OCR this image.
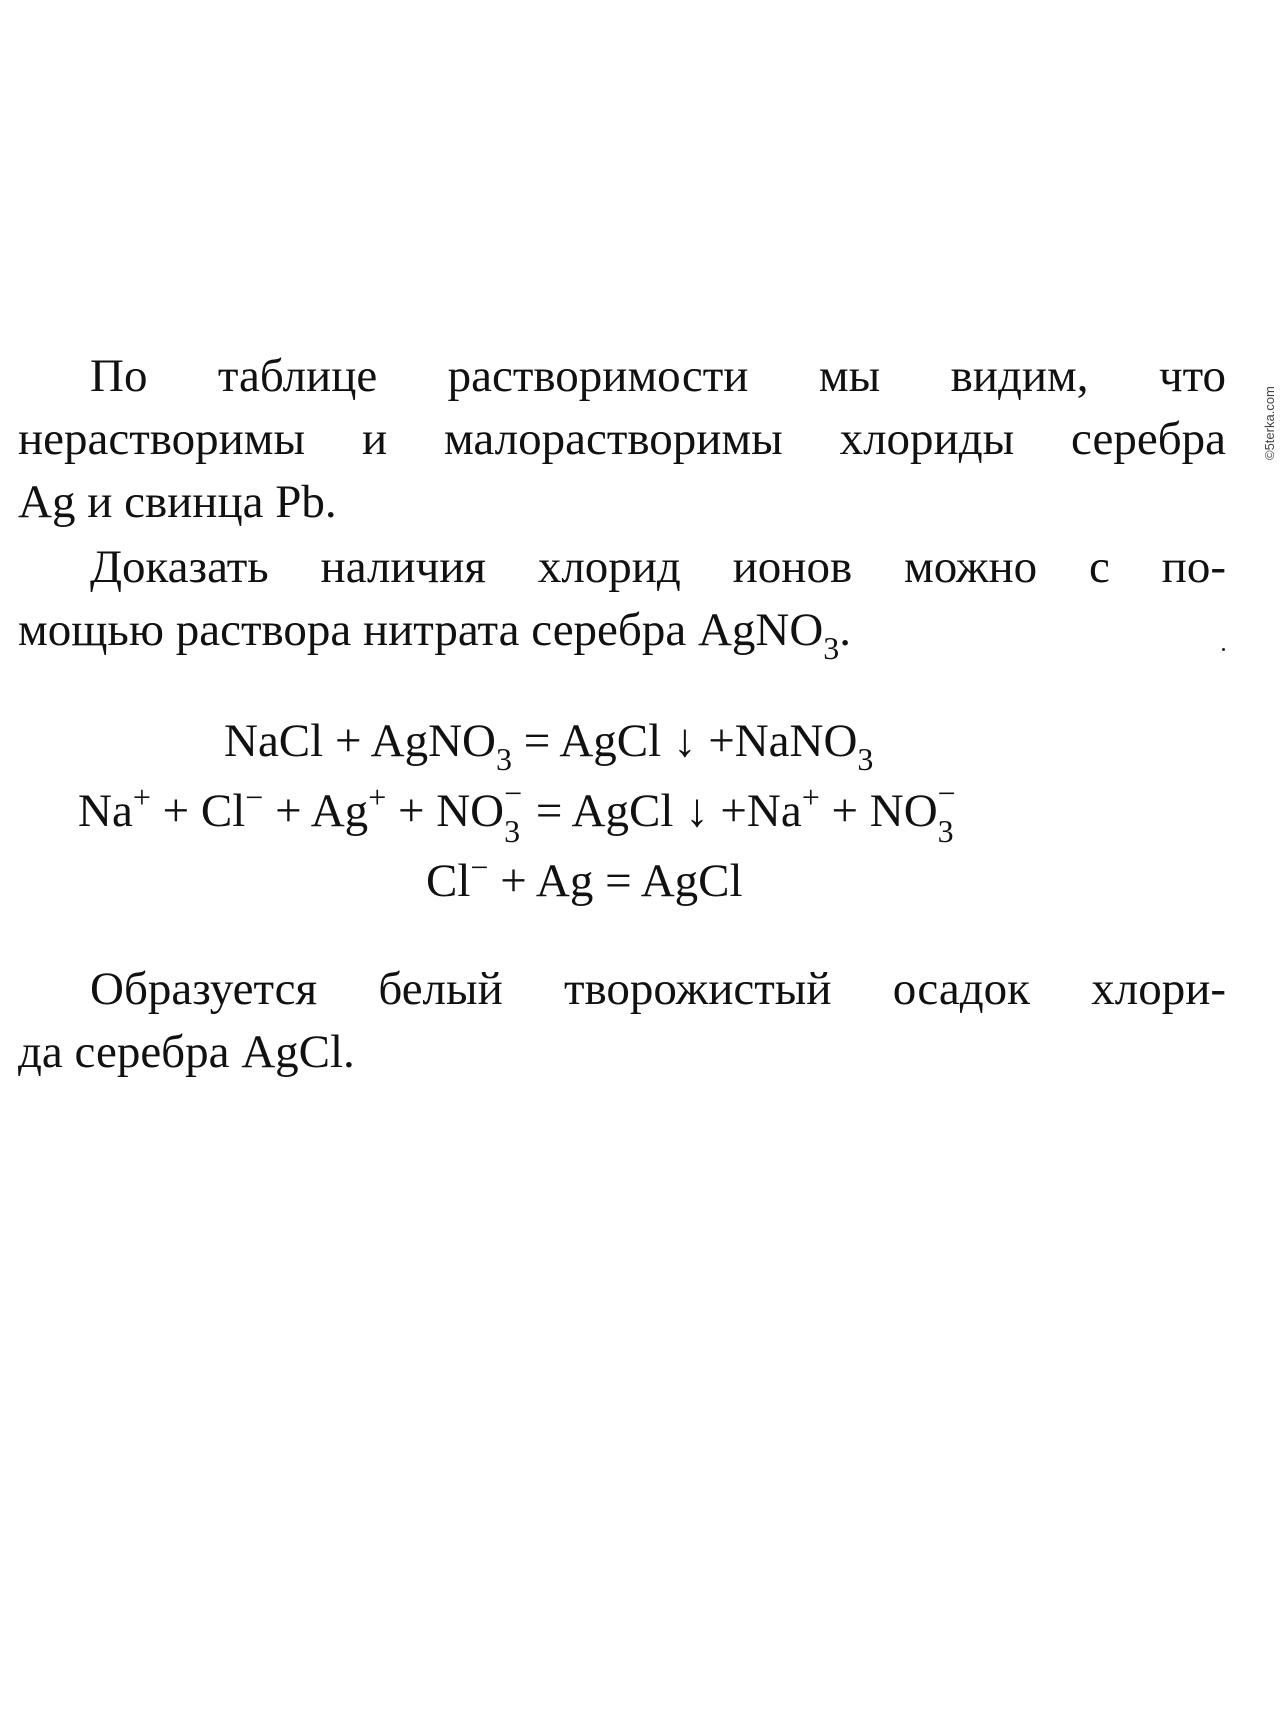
©5terka.com
По таблице растворимости мы видим, что
нерастворимы и малорастворимы хлориды серебра
Ag и свинца Pb.
Доказать наличия хлорид ионов можно с по-
мощью раствора нитрата серебра AgNO$_3$.
NaCl + AgNO$_3$ = AgCl ↓ +NaNO$_3$
Na+ + Cl− + Ag+ + NO −
3 = AgCl ↓ +Na+ + NO −
3
Cl− + Ag = AgCl
Образуется белый творожистый осадок хлори-
да серебра AgCl.
